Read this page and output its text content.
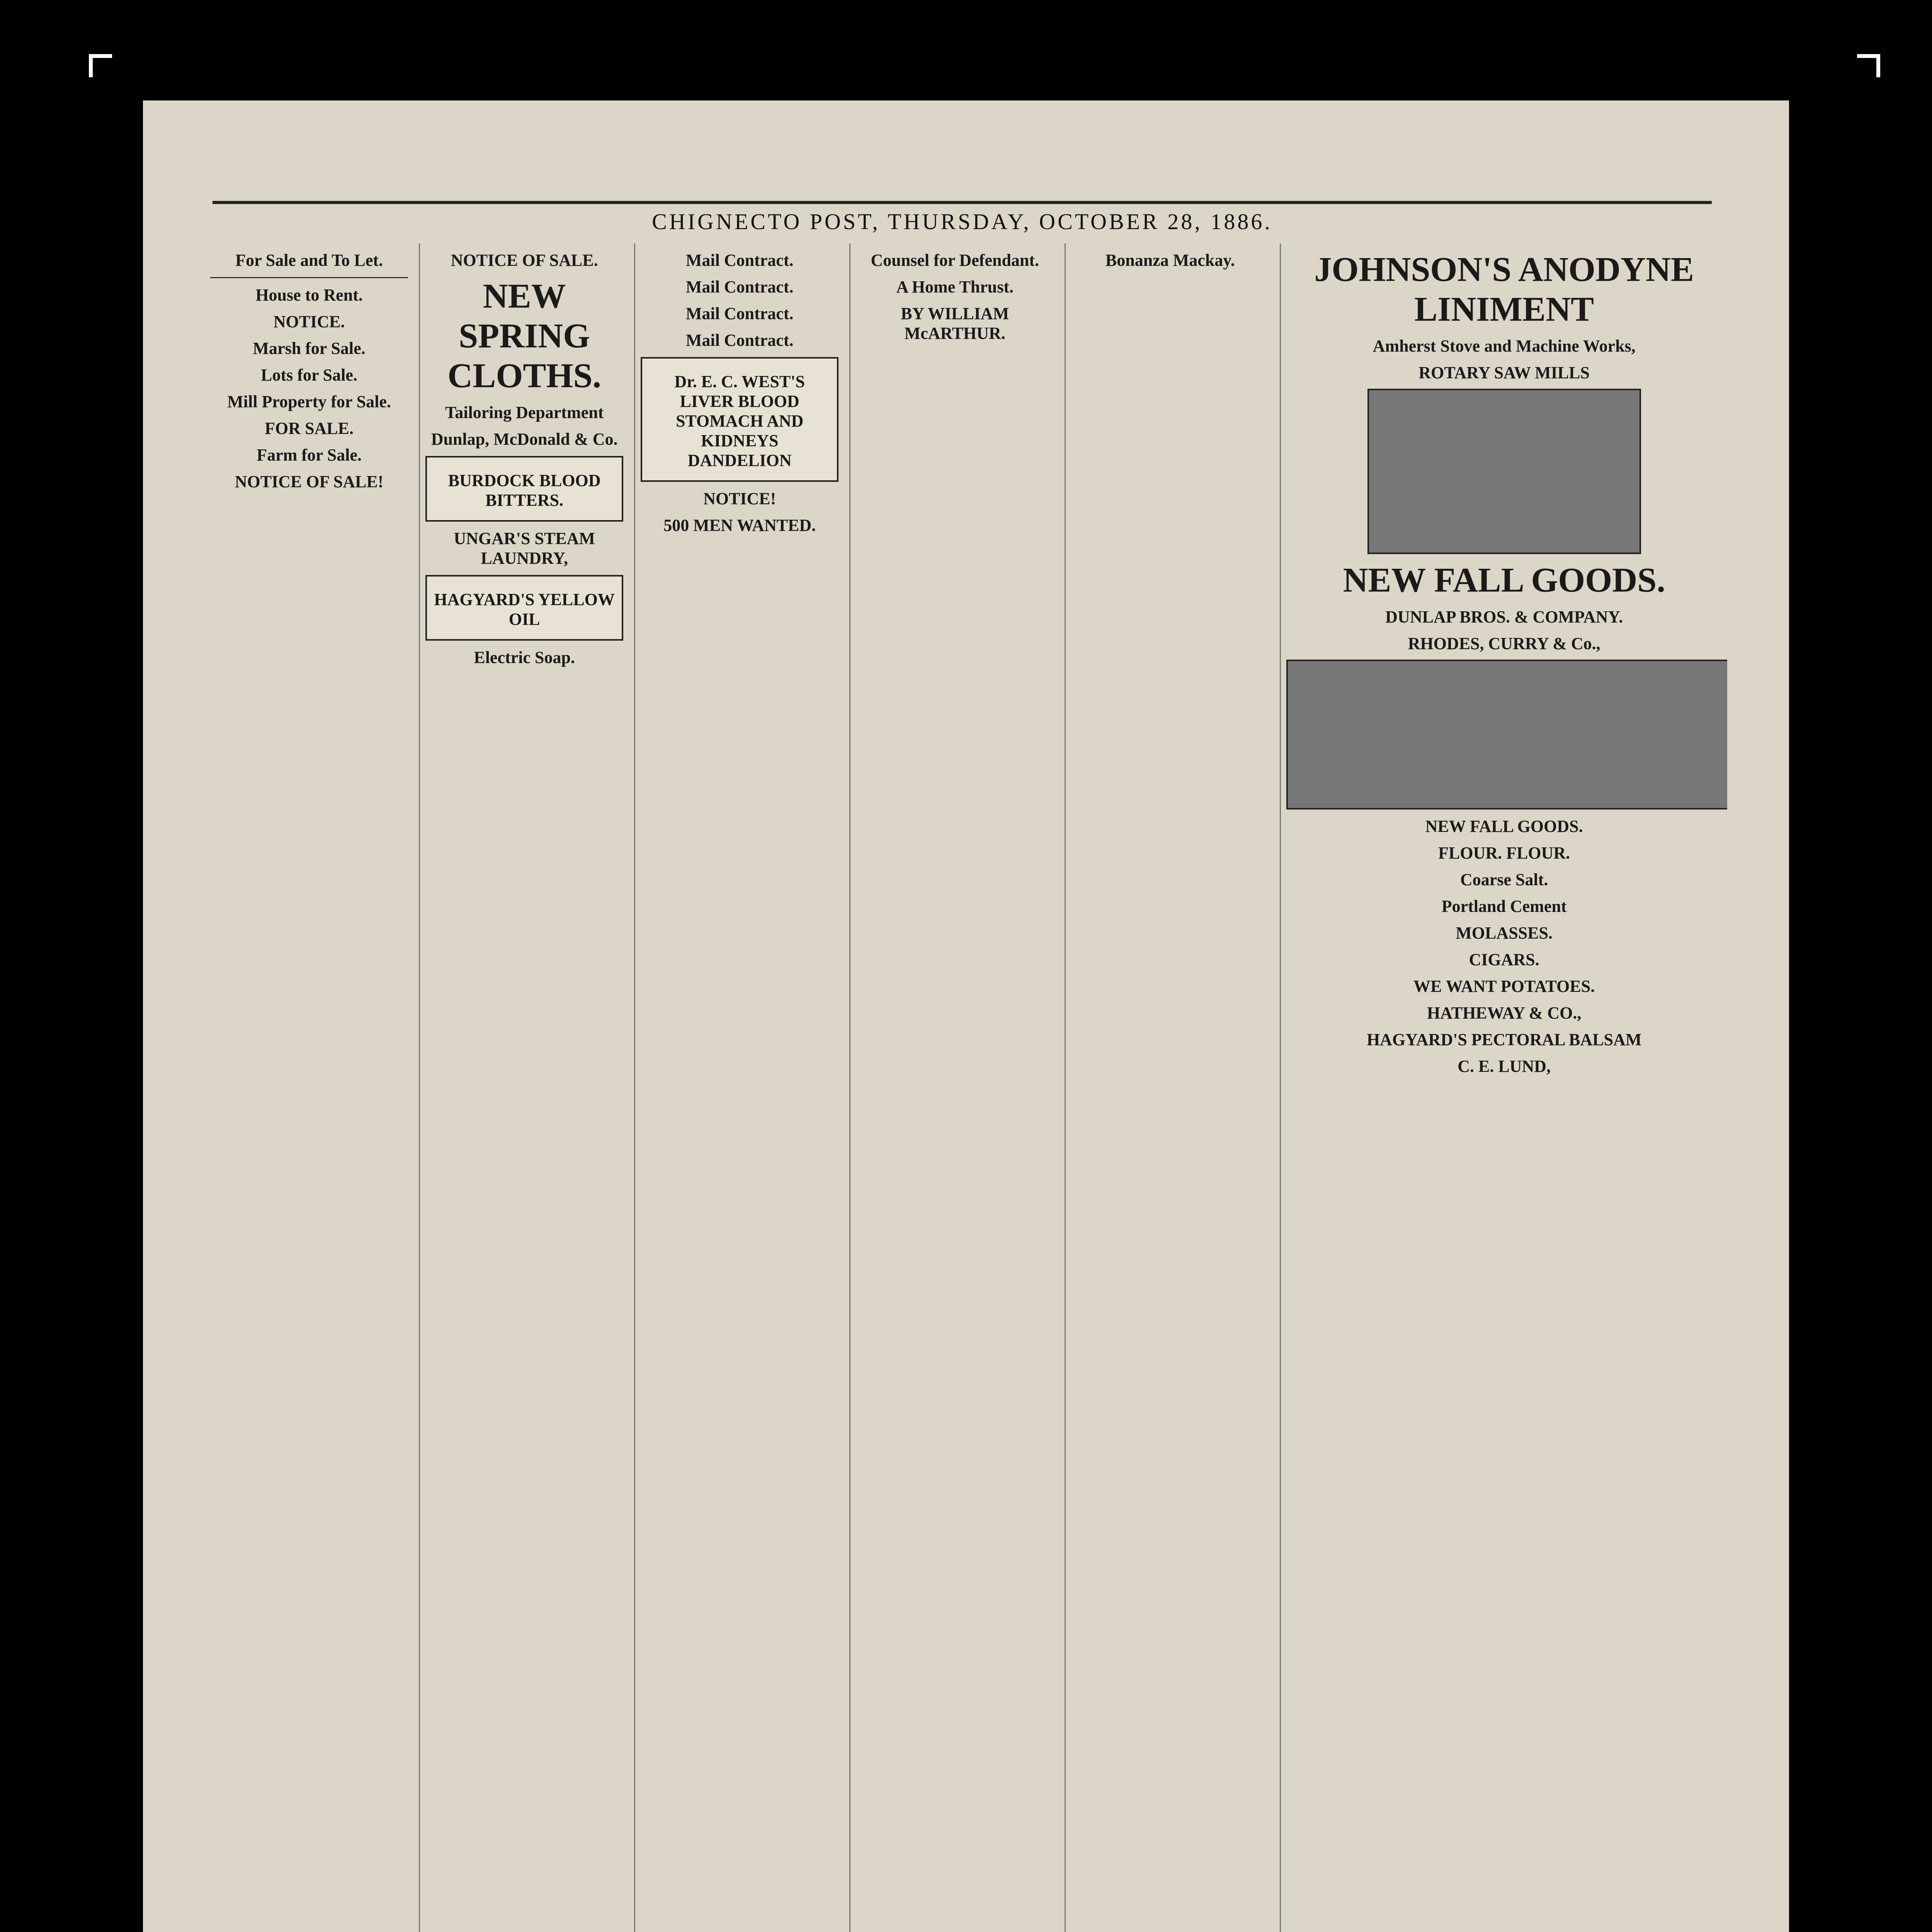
CHIGNECTO POST, THURSDAY, OCTOBER 28, 1886.
For Sale and To Let.
House to Rent.
NOTICE.
Marsh for Sale.
Lots for Sale.
Mill Property for Sale.
FOR SALE.
Farm for Sale.
NOTICE OF SALE!
NOTICE OF SALE.
NEW SPRING CLOTHS.
Tailoring Department
Dunlap, McDonald & Co.
BURDOCK BLOOD BITTERS.
UNGAR'S STEAM LAUNDRY,
HAGYARD'S YELLOW OIL
Electric Soap.
Mail Contract.
Mail Contract.
Mail Contract.
Mail Contract.
Dr. E. C. WEST'S LIVER BLOOD STOMACH AND KIDNEYS DANDELION
NOTICE!
500 MEN WANTED.
Counsel for Defendant.
A Home Thrust.
BY WILLIAM McARTHUR.
Bonanza Mackay.	JOHNSON'S ANODYNE LINIMENT
Amherst Stove and Machine Works,
ROTARY SAW MILLS
NEW FALL GOODS.
DUNLAP BROS. & COMPANY.
RHODES, CURRY & Co.,
NEW FALL GOODS.
FLOUR. FLOUR.
Coarse Salt.
Portland Cement
MOLASSES.
CIGARS.
WE WANT POTATOES.
HATHEWAY & CO.,
HAGYARD'S PECTORAL BALSAM
C. E. LUND,
